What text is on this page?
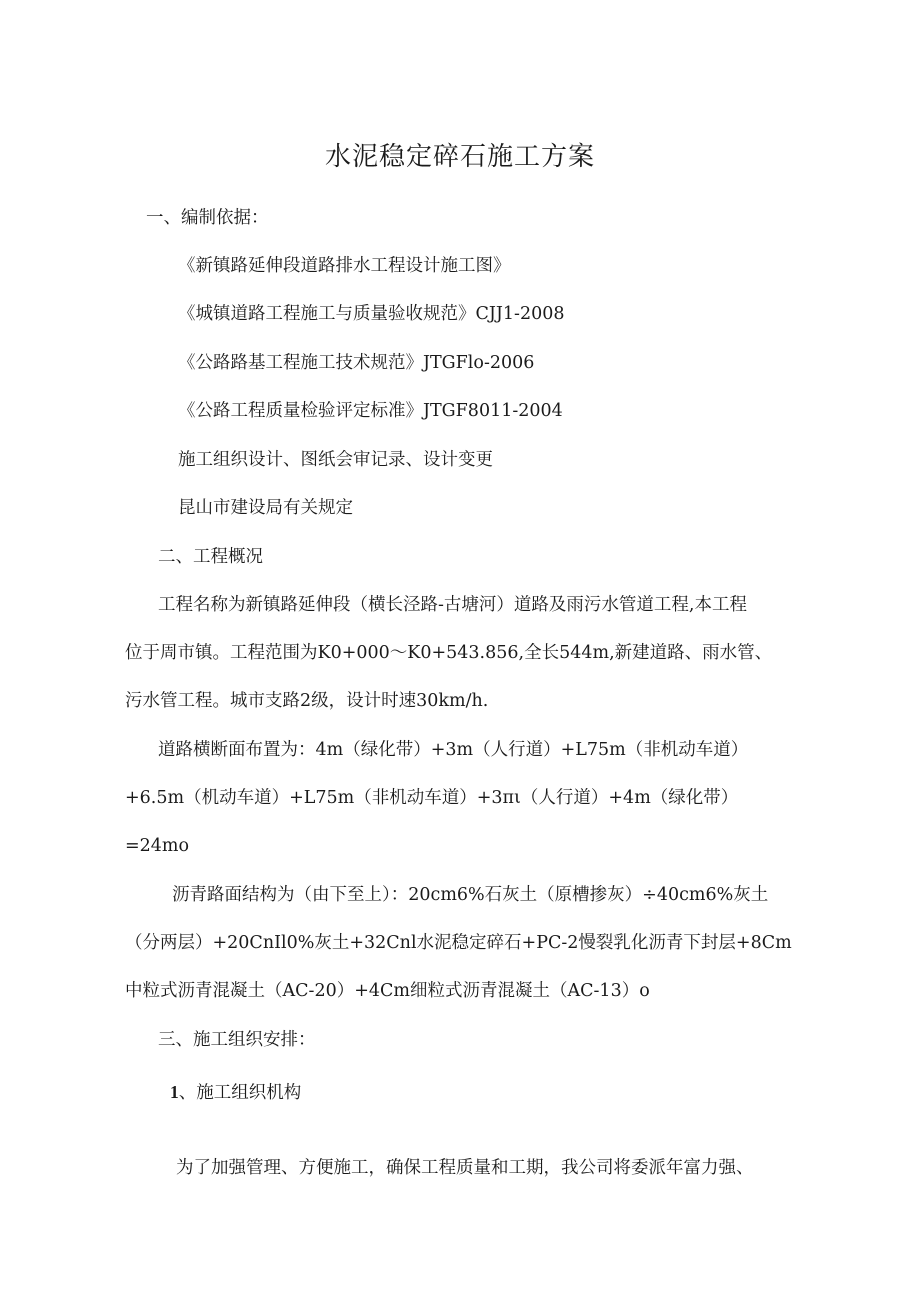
水泥稳定碎石施工方案
一、编制依据：
《新镇路延伸段道路排水工程设计施工图》
《城镇道路工程施工与质量验收规范》CJJ1-2008
《公路路基工程施工技术规范》JTGFlo-2006
《公路工程质量检验评定标准》JTGF8011-2004
施工组织设计、图纸会审记录、设计变更
昆山市建设局有关规定
二、工程概况
工程名称为新镇路延伸段（横长泾路-古塘河）道路及雨污水管道工程,本工程
位于周市镇。工程范围为K0+000～K0+543.856,全长544m,新建道路、雨水管、
污水管工程。城市支路2级，设计时速30km∕h.
道路横断面布置为：4m（绿化带）+3m（人行道）+L75m（非机动车道）
+6.5m（机动车道）+L75m（非机动车道）+3πι（人行道）+4m（绿化带）
=24mo
沥青路面结构为（由下至上）：20cm6%石灰土（原槽掺灰）÷40cm6%灰土
（分两层）+20CnIl0%灰土+32Cnl水泥稳定碎石+PC-2慢裂乳化沥青下封层+8Cm
中粒式沥青混凝土（AC-20）+4Cm细粒式沥青混凝土（AC-13）o
三、施工组织安排：
1、施工组织机构
为了加强管理、方便施工，确保工程质量和工期，我公司将委派年富力强、
